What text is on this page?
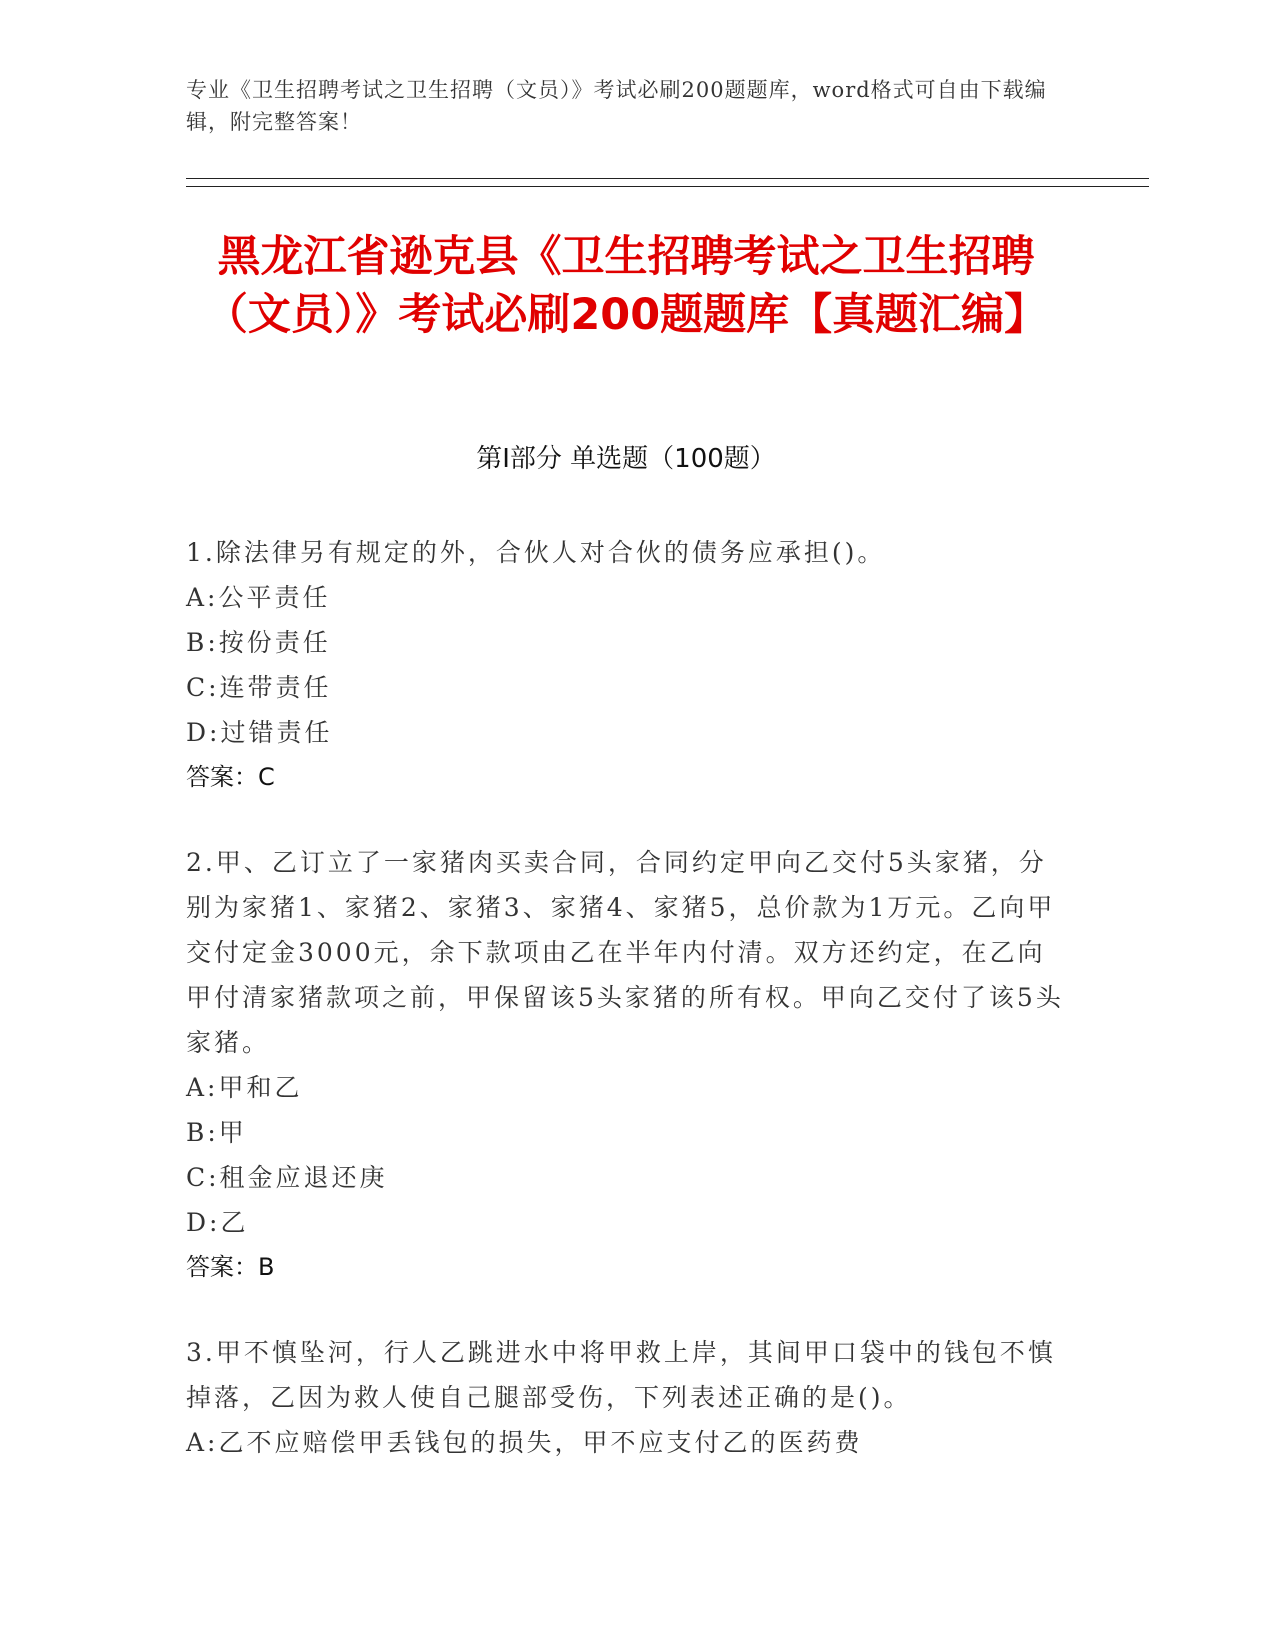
专业《卫生招聘考试之卫生招聘（文员）》考试必刷200题题库，word格式可自由下载编辑，附完整答案！
黑龙江省逊克县《卫生招聘考试之卫生招聘（文员）》考试必刷200题题库【真题汇编】
第I部分 单选题（100题）
1.除法律另有规定的外，合伙人对合伙的债务应承担()。
A:公平责任
B:按份责任
C:连带责任
D:过错责任
答案：C
2.甲、乙订立了一家猪肉买卖合同，合同约定甲向乙交付5头家猪，分别为家猪1、家猪2、家猪3、家猪4、家猪5，总价款为1万元。乙向甲交付定金3000元，余下款项由乙在半年内付清。双方还约定，在乙向甲付清家猪款项之前，甲保留该5头家猪的所有权。甲向乙交付了该5头家猪。
A:甲和乙
B:甲
C:租金应退还庚
D:乙
答案：B
3.甲不慎坠河，行人乙跳进水中将甲救上岸，其间甲口袋中的钱包不慎掉落，乙因为救人使自己腿部受伤，下列表述正确的是()。
A:乙不应赔偿甲丢钱包的损失，甲不应支付乙的医药费
